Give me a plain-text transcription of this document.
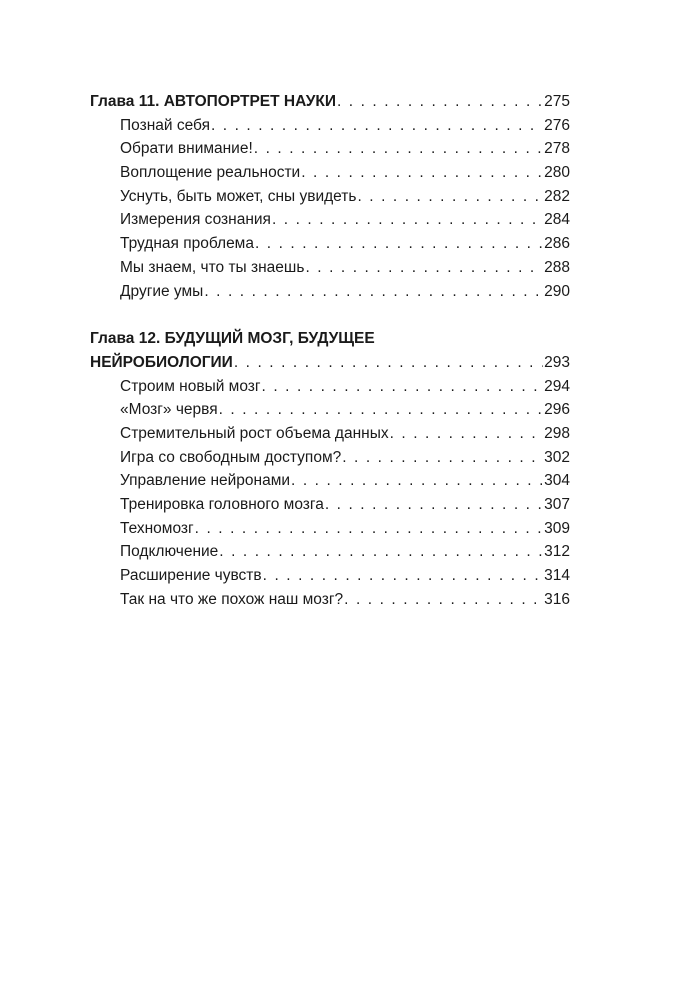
Глава 11. АВТОПОРТРЕТ НАУКИ . . .	275
Познай себя . . .	276
Обрати внимание! . . .	278
Воплощение реальности . . .	280
Уснуть, быть может, сны увидеть . . .	282
Измерения сознания . . .	284
Трудная проблема . . .	286
Мы знаем, что ты знаешь . . .	288
Другие умы . . .	290
Глава 12. БУДУЩИЙ МОЗГ, БУДУЩЕЕ
НЕЙРОБИОЛОГИИ . . .	293
Строим новый мозг . . .	294
«Мозг» червя . . .	296
Стремительный рост объема данных . . .	298
Игра со свободным доступом? . . .	302
Управление нейронами . . .	304
Тренировка головного мозга . . .	307
Техномозг . . .	309
Подключение . . .	312
Расширение чувств . . .	314
Так на что же похож наш мозг? . . .	316
